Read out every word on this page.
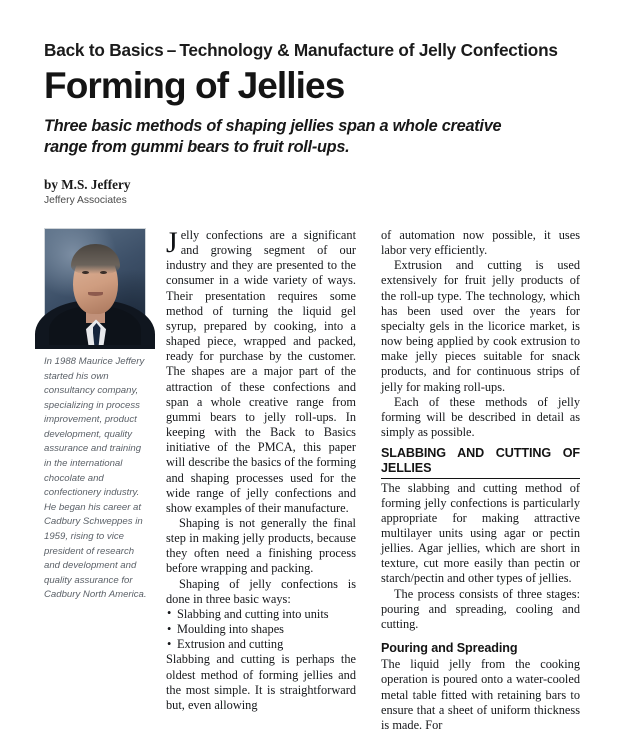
Back to Basics – Technology & Manufacture of Jelly Confections
Forming of Jellies
Three basic methods of shaping jellies span a whole creative range from gummi bears to fruit roll-ups.
by M.S. Jeffery
Jeffery Associates
In 1988 Maurice Jeffery started his own consultancy company, specializing in process improvement, product development, quality assurance and training in the international chocolate and confectionery industry. He began his career at Cadbury Schweppes in 1959, rising to vice president of research and development and quality assurance for Cadbury North America.

Jelly confections are a significant and growing segment of our industry and they are presented to the consumer in a wide variety of ways. Their presentation requires some method of turning the liquid gel syrup, prepared by cooking, into a shaped piece, wrapped and packed, ready for purchase by the customer. The shapes are a major part of the attraction of these confections and span a whole creative range from gummi bears to jelly roll-ups. In keeping with the Back to Basics initiative of the PMCA, this paper will describe the basics of the forming and shaping processes used for the wide range of jelly confections and show examples of their manufacture.

Shaping is not generally the final step in making jelly products, because they often need a finishing process before wrapping and packing.

Shaping of jelly confections is done in three basic ways:

• Slabbing and cutting into units
• Moulding into shapes
• Extrusion and cutting

Slabbing and cutting is perhaps the oldest method of forming jellies and the most simple. It is straightforward but, even allowing

of automation now possible, it uses labor very efficiently.

Extrusion and cutting is used extensively for fruit jelly products of the roll-up type. The technology, which has been used over the years for specialty gels in the licorice market, is now being applied by cook extrusion to make jelly pieces suitable for snack products, and for continuous strips of jelly for making roll-ups.

Each of these methods of jelly forming will be described in detail as simply as possible.

SLABBING AND CUTTING OF JELLIES

The slabbing and cutting method of forming jelly confections is particularly appropriate for making attractive multilayer units using agar or pectin jellies. Agar jellies, which are short in texture, cut more easily than pectin or starch/pectin and other types of jellies.

The process consists of three stages: pouring and spreading, cooling and cutting.

Pouring and Spreading

The liquid jelly from the cooking operation is poured onto a water-cooled metal table fitted with retaining bars to ensure that a sheet of uniform thickness is made. For
